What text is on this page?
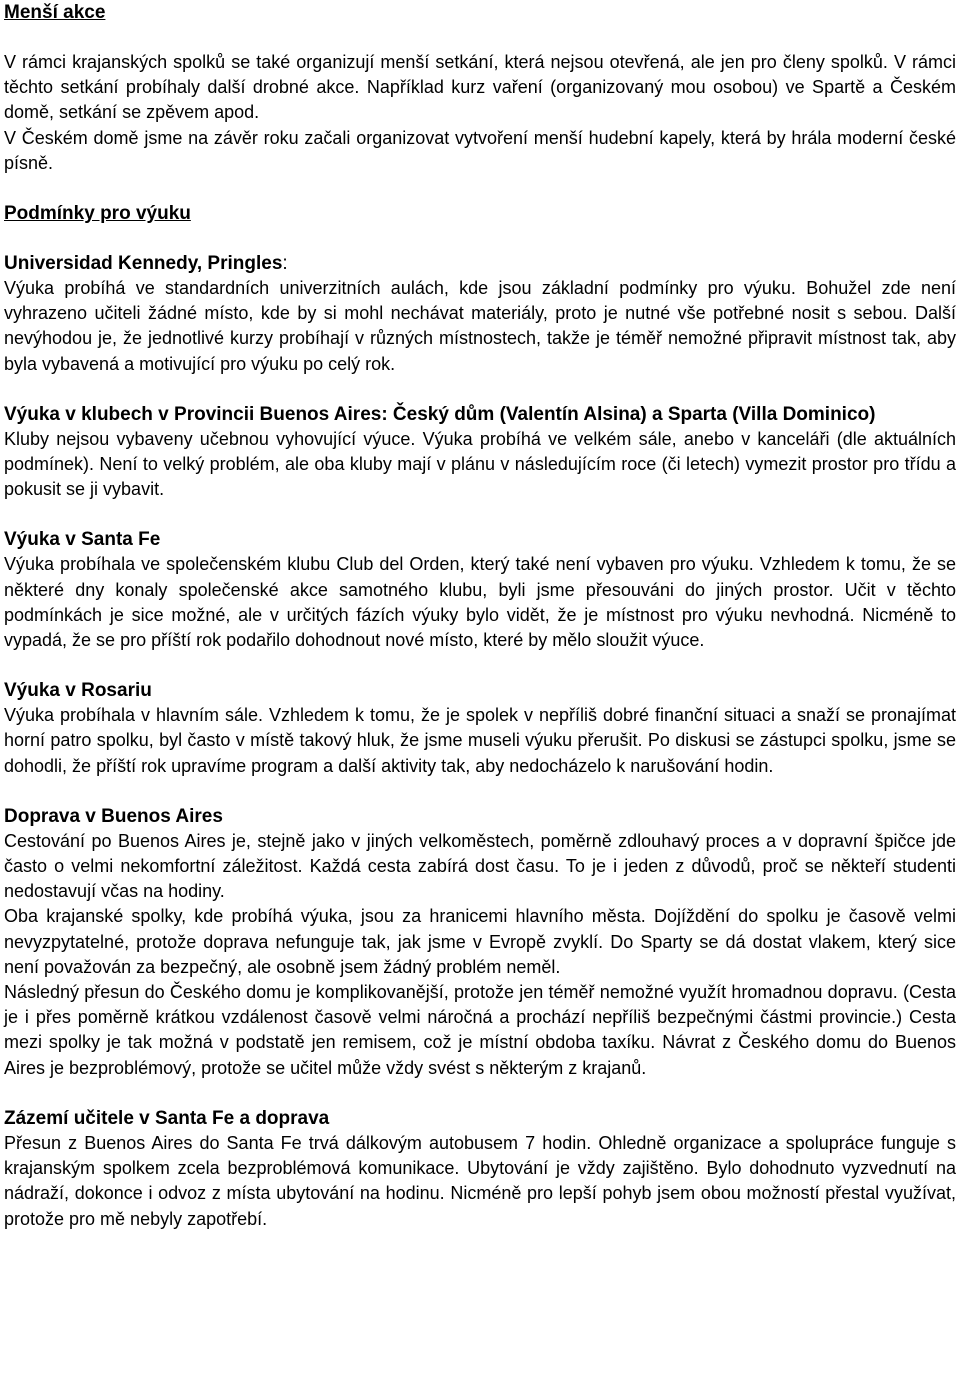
Menší akce

V rámci krajanských spolků se také organizují menší setkání, která nejsou otevřená, ale jen pro členy spolků. V rámci těchto setkání probíhaly další drobné akce. Například kurz vaření (organizovaný mou osobou) ve Spartě a Českém domě, setkání se zpěvem apod.

V Českém domě jsme na závěr roku začali organizovat vytvoření menší hudební kapely, která by hrála moderní české písně.

Podmínky pro výuku
Universidad Kennedy, Pringles:

Výuka probíhá ve standardních univerzitních aulách, kde jsou základní podmínky pro výuku. Bohužel zde není vyhrazeno učiteli žádné místo, kde by si mohl nechávat materiály, proto je nutné vše potřebné nosit s sebou. Další nevýhodou je, že jednotlivé kurzy probíhají v různých místnostech, takže je téměř nemožné připravit místnost tak, aby byla vybavená a motivující pro výuku po celý rok.

Výuka v klubech v Provincii Buenos Aires: Český dům (Valentín Alsina) a Sparta (Villa Dominico)

Kluby nejsou vybaveny učebnou vyhovující výuce. Výuka probíhá ve velkém sále, anebo v kanceláři (dle aktuálních podmínek). Není to velký problém, ale oba kluby mají v plánu v následujícím roce (či letech) vymezit prostor pro třídu a pokusit se ji vybavit.

Výuka v Santa Fe

Výuka probíhala ve společenském klubu Club del Orden, který také není vybaven pro výuku. Vzhledem k tomu, že se některé dny konaly společenské akce samotného klubu, byli jsme přesouváni do jiných prostor. Učit v těchto podmínkách je sice možné, ale v určitých fázích výuky bylo vidět, že je místnost pro výuku nevhodná. Nicméně to vypadá, že se pro příští rok podařilo dohodnout nové místo, které by mělo sloužit výuce.

Výuka v Rosariu

Výuka probíhala v hlavním sále. Vzhledem k tomu, že je spolek v nepříliš dobré finanční situaci a snaží se pronajímat horní patro spolku, byl často v místě takový hluk, že jsme museli výuku přerušit. Po diskusi se zástupci spolku, jsme se dohodli, že příští rok upravíme program a další aktivity tak, aby nedocházelo k narušování hodin.

Doprava v Buenos Aires

Cestování po Buenos Aires je, stejně jako v jiných velkoměstech, poměrně zdlouhavý proces a v dopravní špičce jde často o velmi nekomfortní záležitost. Každá cesta zabírá dost času. To je i jeden z důvodů, proč se někteří studenti nedostavují včas na hodiny.

Oba krajanské spolky, kde probíhá výuka, jsou za hranicemi hlavního města. Dojíždění do spolku je časově velmi nevyzpytatelné, protože doprava nefunguje tak, jak jsme v Evropě zvyklí. Do Sparty se dá dostat vlakem, který sice není považován za bezpečný, ale osobně jsem žádný problém neměl.

Následný přesun do Českého domu je komplikovanější, protože jen téměř nemožné využít hromadnou dopravu. (Cesta je i přes poměrně krátkou vzdálenost časově velmi náročná a prochází nepříliš bezpečnými částmi provincie.) Cesta mezi spolky je tak možná v podstatě jen remisem, což je místní obdoba taxíku. Návrat z Českého domu do Buenos Aires je bezproblémový, protože se učitel může vždy svést s některým z krajanů.

Zázemí učitele v Santa Fe a doprava

Přesun z Buenos Aires do Santa Fe trvá dálkovým autobusem 7 hodin. Ohledně organizace a spolupráce funguje s krajanským spolkem zcela bezproblémová komunikace. Ubytování je vždy zajištěno. Bylo dohodnuto vyzvednutí na nádraží, dokonce i odvoz z místa ubytování na hodinu. Nicméně pro lepší pohyb jsem obou možností přestal využívat, protože pro mě nebyly zapotřebí.
